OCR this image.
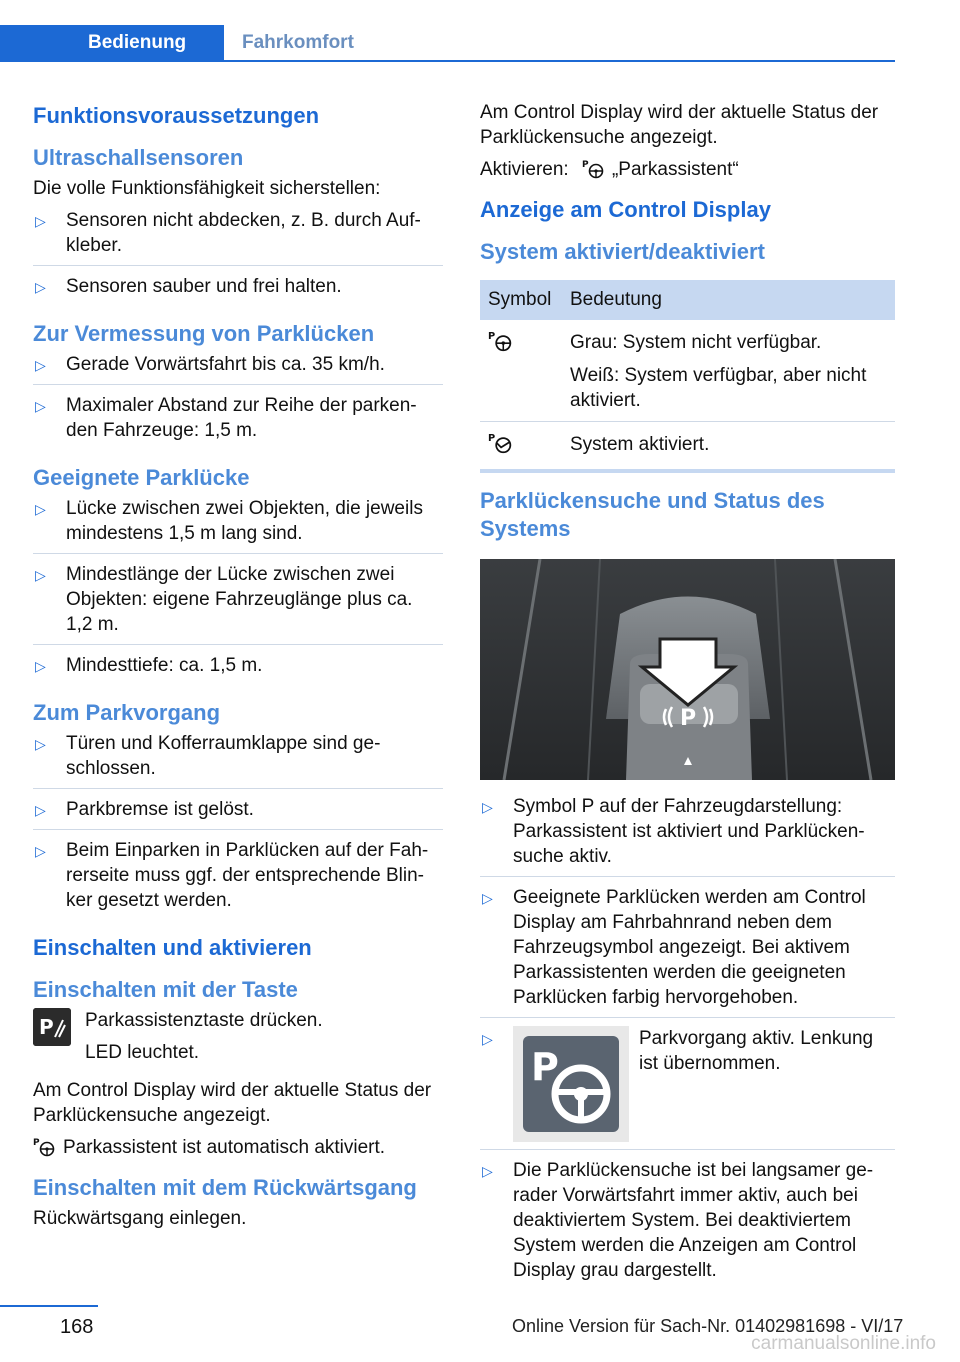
Bedienung	Fahrkomfort
Funktionsvoraussetzungen
Ultraschallsensoren

Die volle Funktionsfähigkeit sicherstellen:

▷ Sensoren nicht abdecken, z. B. durch Auf‐kleber.
▷ Sensoren sauber und frei halten.
Zur Vermessung von Parklücken
▷ Gerade Vorwärtsfahrt bis ca. 35 km/h.
▷ Maximaler Abstand zur Reihe der parken‐den Fahrzeuge: 1,5 m.
Geeignete Parklücke
▷ Lücke zwischen zwei Objekten, die jeweils mindestens 1,5 m lang sind.
▷ Mindestlänge der Lücke zwischen zwei Objekten: eigene Fahrzeuglänge plus ca. 1,2 m.
▷ Mindesttiefe: ca. 1,5 m.
Zum Parkvorgang
▷ Türen und Kofferraumklappe sind ge‐schlossen.
▷ Parkbremse ist gelöst.
▷ Beim Einparken in Parklücken auf der Fah‐rerseite muss ggf. der entsprechende Blin‐ker gesetzt werden.
Einschalten und aktivieren
Einschalten mit der Taste
P Parkassistenztaste drücken.

LED leuchtet.

Am Control Display wird der aktuelle Status der Parklückensuche angezeigt.

P Parkassistent ist automatisch aktiviert.

Einschalten mit dem Rückwärtsgang

Rückwärtsgang einlegen.

Am Control Display wird der aktuelle Status der Parklückensuche angezeigt.

Aktivieren: P „Parkassistent“

Anzeige am Control Display
System aktiviert/deaktiviert
Symbol	Bedeutung

P	Grau: System nicht verfügbar.

Weiß: System verfügbar, aber nicht aktiviert.

P	System aktiviert.

Parklückensuche und Status des Systems
P
▷ Symbol P auf der Fahrzeugdarstellung: Parkassistent ist aktiviert und Parklücken‐suche aktiv.
▷ Geeignete Parklücken werden am Control Display am Fahrbahnrand neben dem Fahrzeugsymbol angezeigt. Bei aktivem Parkassistenten werden die geeigneten Parklücken farbig hervorgehoben.
▷
P
Parkvorgang aktiv. Lenkung ist übernommen.
▷ Die Parklückensuche ist bei langsamer ge‐rader Vorwärtsfahrt immer aktiv, auch bei deaktiviertem System. Bei deaktiviertem System werden die Anzeigen am Control Display grau dargestellt.
168	Online Version für Sach-Nr. 01402981698 - VI/17
carmanualsonline.info
